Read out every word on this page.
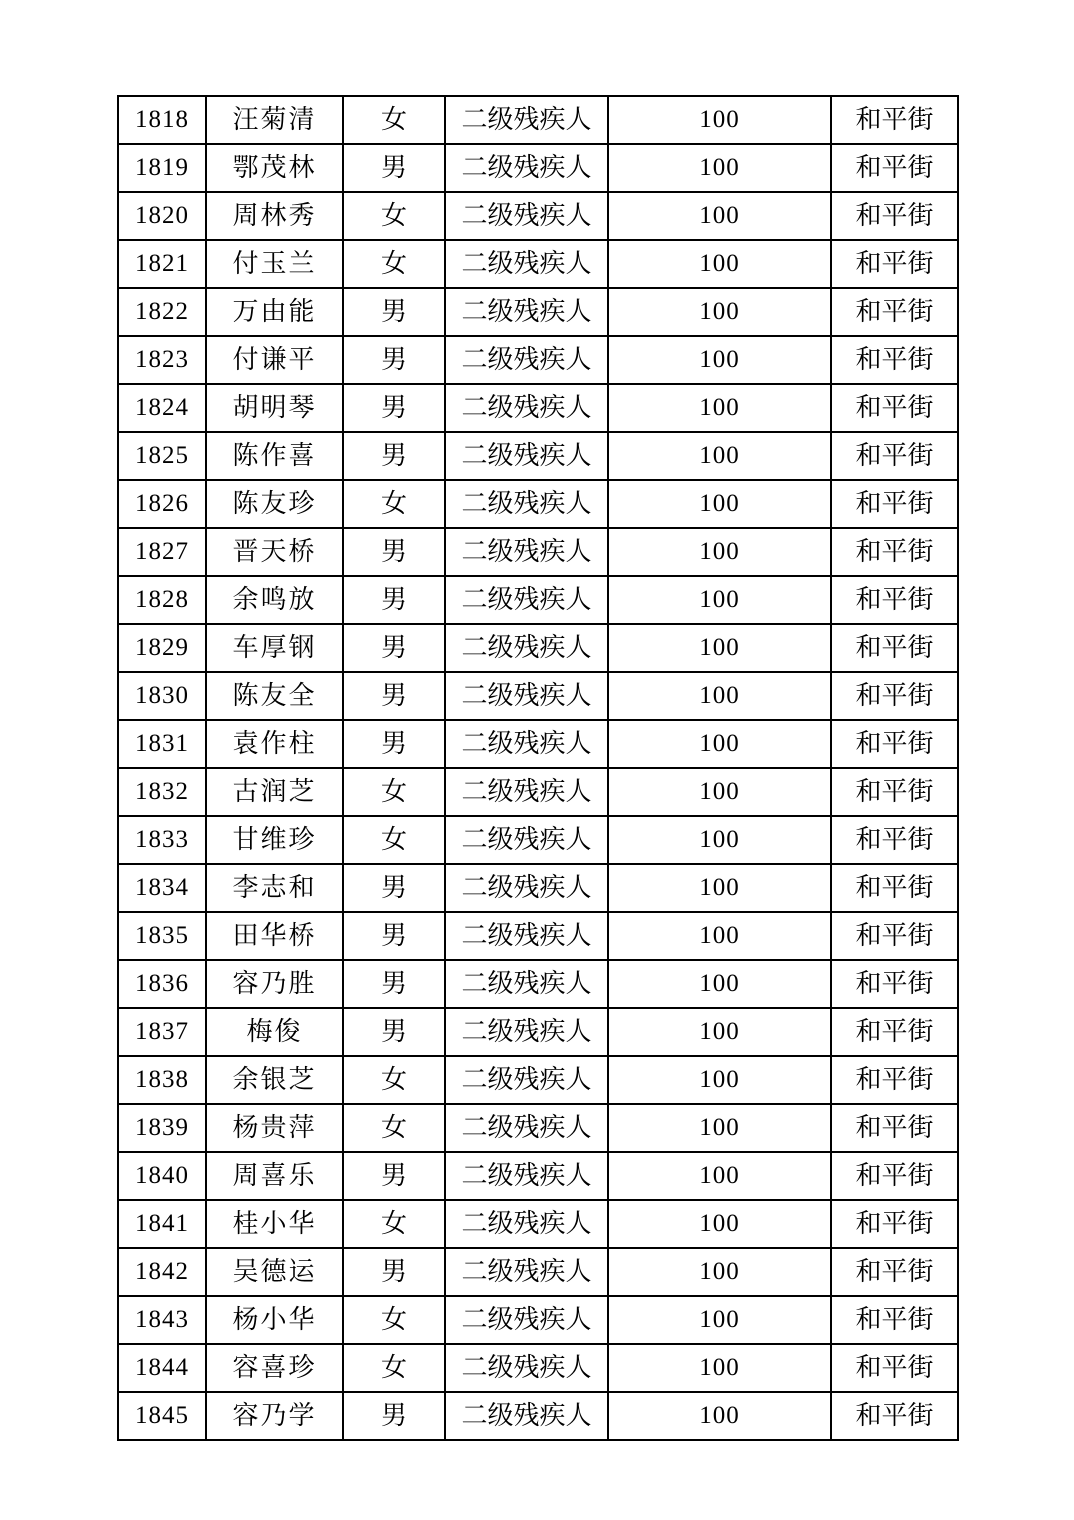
1818	汪菊清	女	二级残疾人	100	和平街
1819	鄂茂林	男	二级残疾人	100	和平街
1820	周林秀	女	二级残疾人	100	和平街
1821	付玉兰	女	二级残疾人	100	和平街
1822	万由能	男	二级残疾人	100	和平街
1823	付谦平	男	二级残疾人	100	和平街
1824	胡明琴	男	二级残疾人	100	和平街
1825	陈作喜	男	二级残疾人	100	和平街
1826	陈友珍	女	二级残疾人	100	和平街
1827	晋天桥	男	二级残疾人	100	和平街
1828	余鸣放	男	二级残疾人	100	和平街
1829	车厚钢	男	二级残疾人	100	和平街
1830	陈友全	男	二级残疾人	100	和平街
1831	袁作柱	男	二级残疾人	100	和平街
1832	古润芝	女	二级残疾人	100	和平街
1833	甘维珍	女	二级残疾人	100	和平街
1834	李志和	男	二级残疾人	100	和平街
1835	田华桥	男	二级残疾人	100	和平街
1836	容乃胜	男	二级残疾人	100	和平街
1837	梅俊	男	二级残疾人	100	和平街
1838	余银芝	女	二级残疾人	100	和平街
1839	杨贵萍	女	二级残疾人	100	和平街
1840	周喜乐	男	二级残疾人	100	和平街
1841	桂小华	女	二级残疾人	100	和平街
1842	吴德运	男	二级残疾人	100	和平街
1843	杨小华	女	二级残疾人	100	和平街
1844	容喜珍	女	二级残疾人	100	和平街
1845	容乃学	男	二级残疾人	100	和平街
